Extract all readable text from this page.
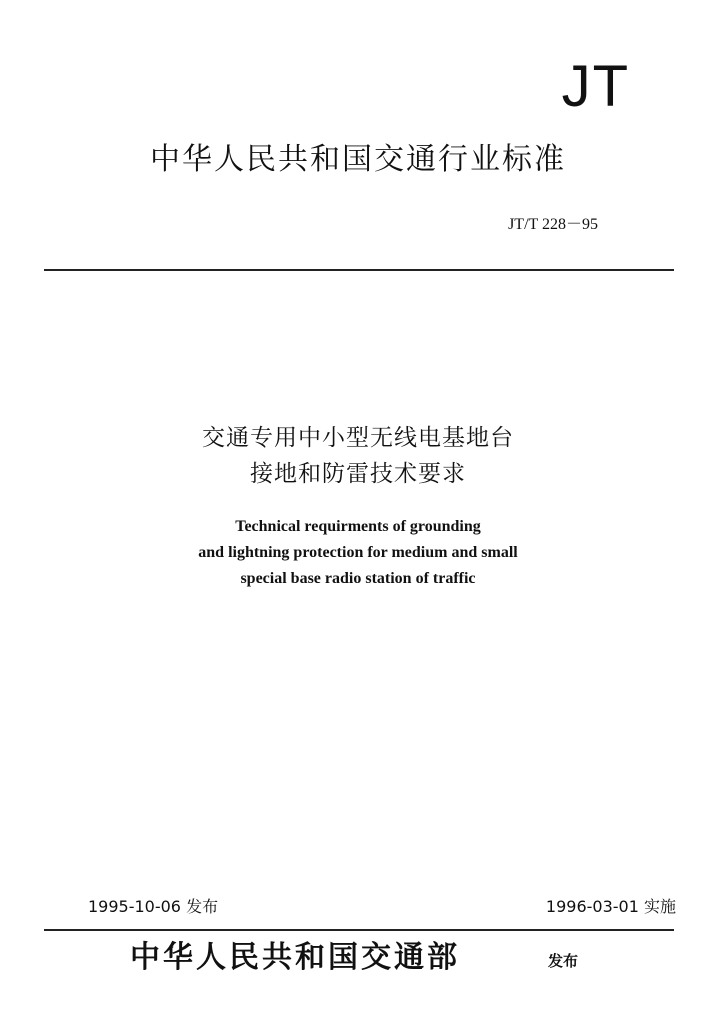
JT
中华人民共和国交通行业标准
JT/T 228－95
交通专用中小型无线电基地台
接地和防雷技术要求
Technical requirments of grounding
and lightning protection for medium and small
special base radio station of traffic
1995-10-06 发布	1996-03-01 实施
中华人民共和国交通部	发布
